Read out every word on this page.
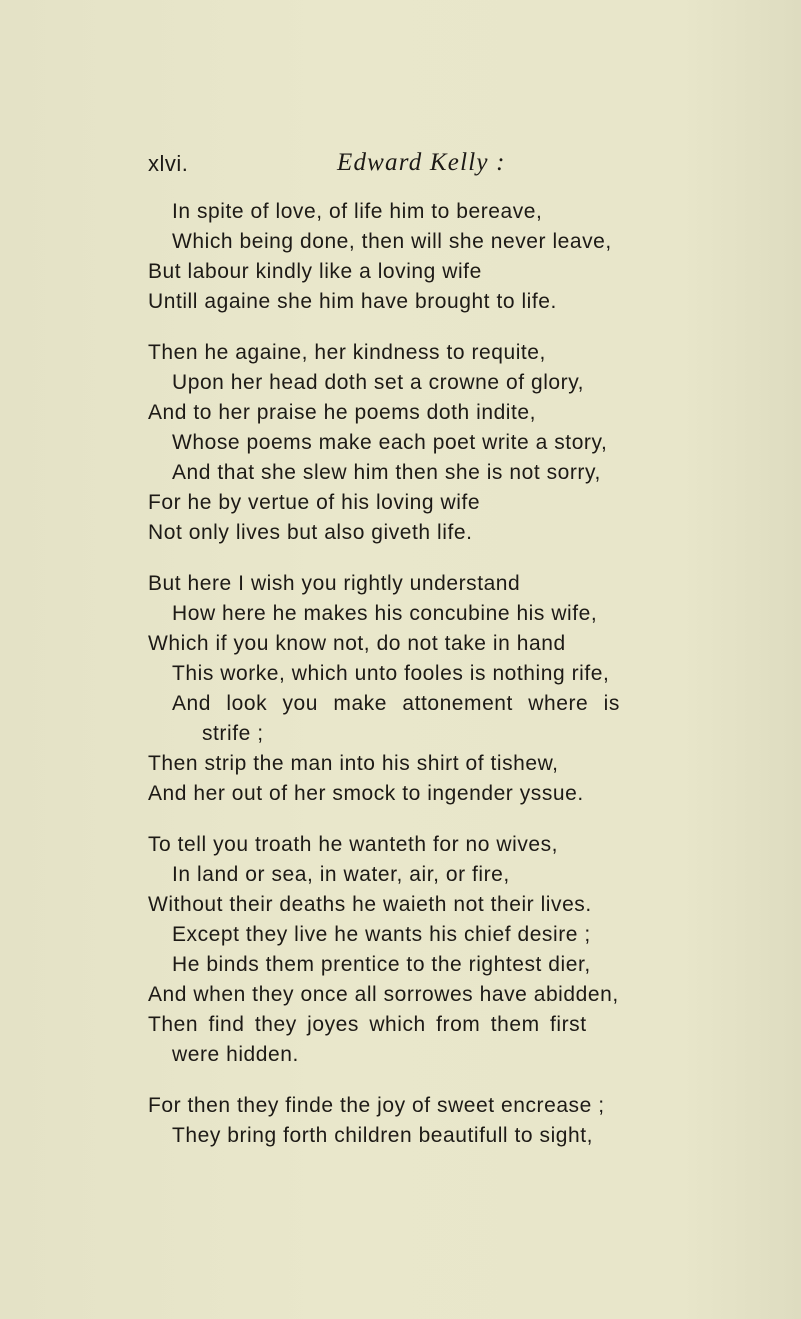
xlvi.	Edward Kelly :
In spite of love, of life him to bereave,
Which being done, then will she never leave,
But labour kindly like a loving wife
Untill againe she him have brought to life.
Then he againe, her kindness to requite,
Upon her head doth set a crowne of glory,
And to her praise he poems doth indite,
Whose poems make each poet write a story,
And that she slew him then she is not sorry,
For he by vertue of his loving wife
Not only lives but also giveth life.
But here I wish you rightly understand
How here he makes his concubine his wife,
Which if you know not, do not take in hand
This worke, which unto fooles is nothing rife,
And look you make attonement where is
strife ;
Then strip the man into his shirt of tishew,
And her out of her smock to ingender yssue.
To tell you troath he wanteth for no wives,
In land or sea, in water, air, or fire,
Without their deaths he waieth not their lives.
Except they live he wants his chief desire ;
He binds them prentice to the rightest dier,
And when they once all sorrowes have abidden,
Then find they joyes which from them first
were hidden.
For then they finde the joy of sweet encrease ;
They bring forth children beautifull to sight,
